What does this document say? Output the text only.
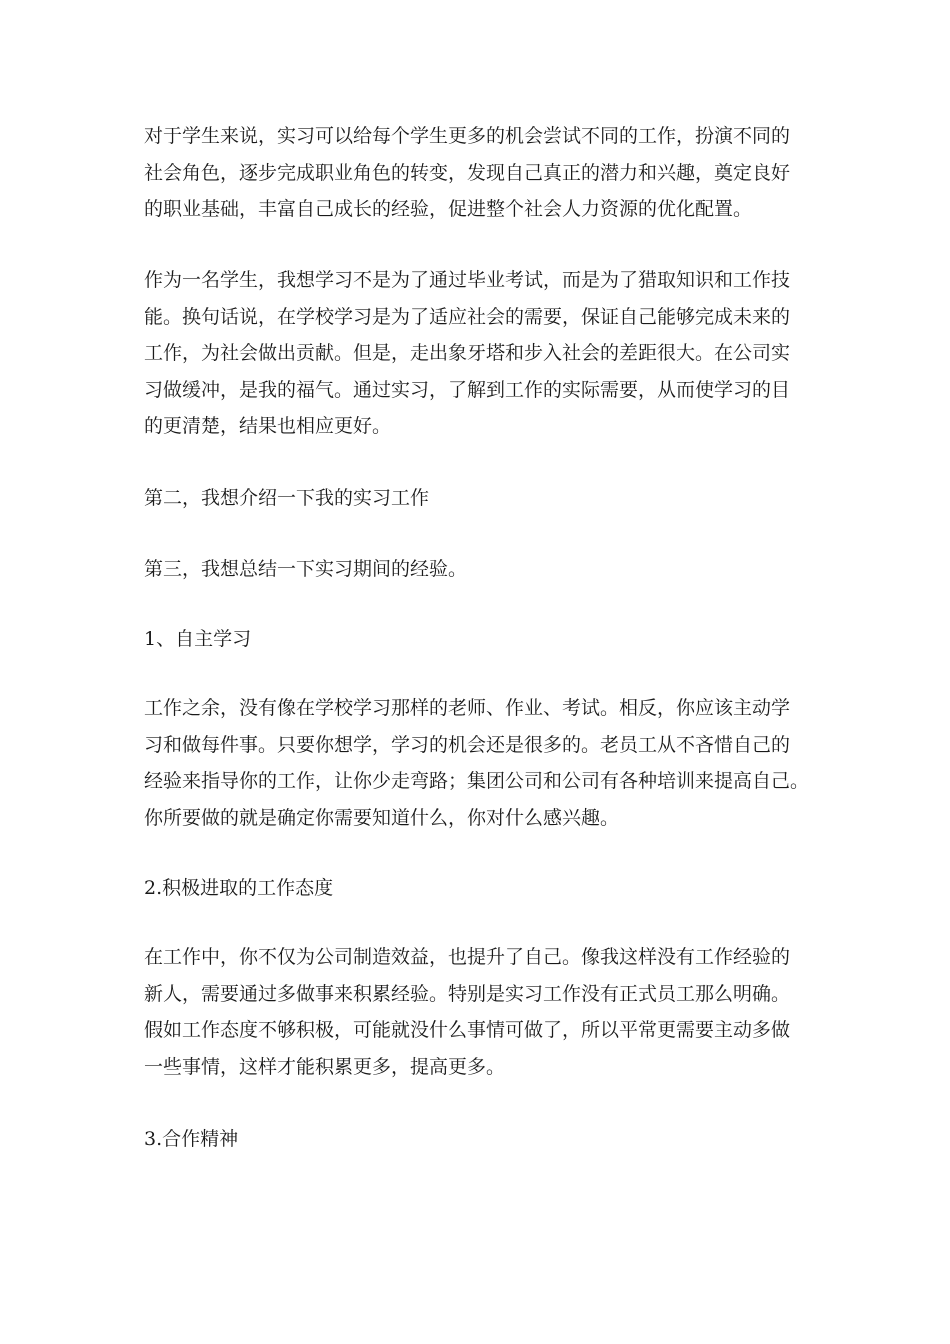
对于学生来说，实习可以给每个学生更多的机会尝试不同的工作，扮演不同的
社会角色，逐步完成职业角色的转变，发现自己真正的潜力和兴趣，奠定良好
的职业基础，丰富自己成长的经验，促进整个社会人力资源的优化配置。
作为一名学生，我想学习不是为了通过毕业考试，而是为了猎取知识和工作技
能。换句话说，在学校学习是为了适应社会的需要，保证自己能够完成未来的
工作，为社会做出贡献。但是，走出象牙塔和步入社会的差距很大。在公司实
习做缓冲，是我的福气。通过实习，了解到工作的实际需要，从而使学习的目
的更清楚，结果也相应更好。
第二，我想介绍一下我的实习工作
第三，我想总结一下实习期间的经验。
1、自主学习
工作之余，没有像在学校学习那样的老师、作业、考试。相反，你应该主动学
习和做每件事。只要你想学，学习的机会还是很多的。老员工从不吝惜自己的
经验来指导你的工作，让你少走弯路；集团公司和公司有各种培训来提高自己。
你所要做的就是确定你需要知道什么，你对什么感兴趣。
2.积极进取的工作态度
在工作中，你不仅为公司制造效益，也提升了自己。像我这样没有工作经验的
新人，需要通过多做事来积累经验。特别是实习工作没有正式员工那么明确。
假如工作态度不够积极，可能就没什么事情可做了，所以平常更需要主动多做
一些事情，这样才能积累更多，提高更多。
3.合作精神
